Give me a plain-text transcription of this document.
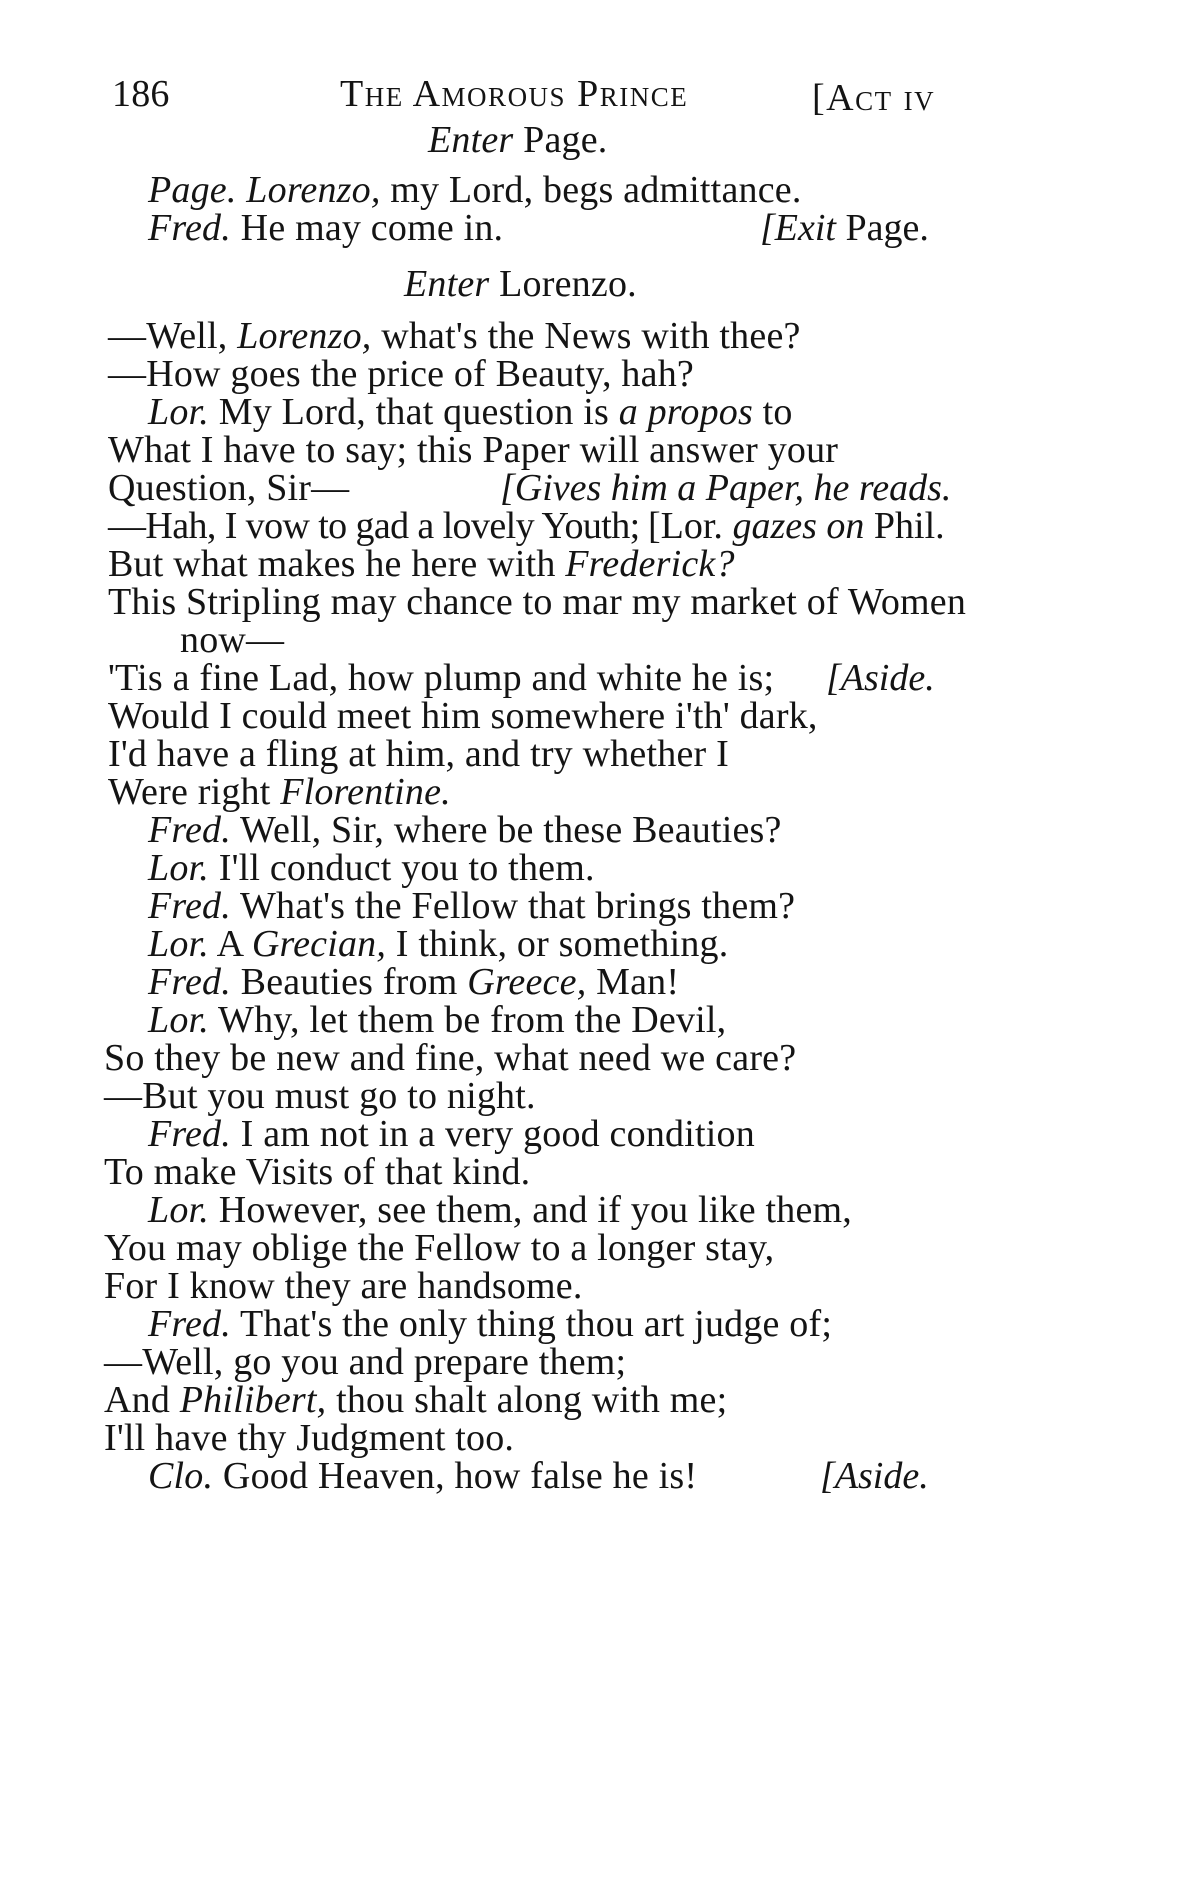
186	The Amorous Prince	[Act iv
Enter Page.
Page. Lorenzo, my Lord, begs admittance.
Fred. He may come in.	[Exit Page.
Enter Lorenzo.
—Well, Lorenzo, what's the News with thee?
—How goes the price of Beauty, hah?
Lor. My Lord, that question is a propos to
What I have to say; this Paper will answer your
Question, Sir—	[Gives him a Paper, he reads.
—Hah, I vow to gad a lovely Youth; [Lor. gazes on Phil.
But what makes he here with Frederick?
This Stripling may chance to mar my market of Women
now—
'Tis a fine Lad, how plump and white he is; [Aside.
Would I could meet him somewhere i'th' dark,
I'd have a fling at him, and try whether I
Were right Florentine.
Fred. Well, Sir, where be these Beauties?
Lor. I'll conduct you to them.
Fred. What's the Fellow that brings them?
Lor. A Grecian, I think, or something.
Fred. Beauties from Greece, Man!
Lor. Why, let them be from the Devil,
So they be new and fine, what need we care?
—But you must go to night.
Fred. I am not in a very good condition
To make Visits of that kind.
Lor. However, see them, and if you like them,
You may oblige the Fellow to a longer stay,
For I know they are handsome.
Fred. That's the only thing thou art judge of;
—Well, go you and prepare them;
And Philibert, thou shalt along with me;
I'll have thy Judgment too.
Clo. Good Heaven, how false he is!	[Aside.
